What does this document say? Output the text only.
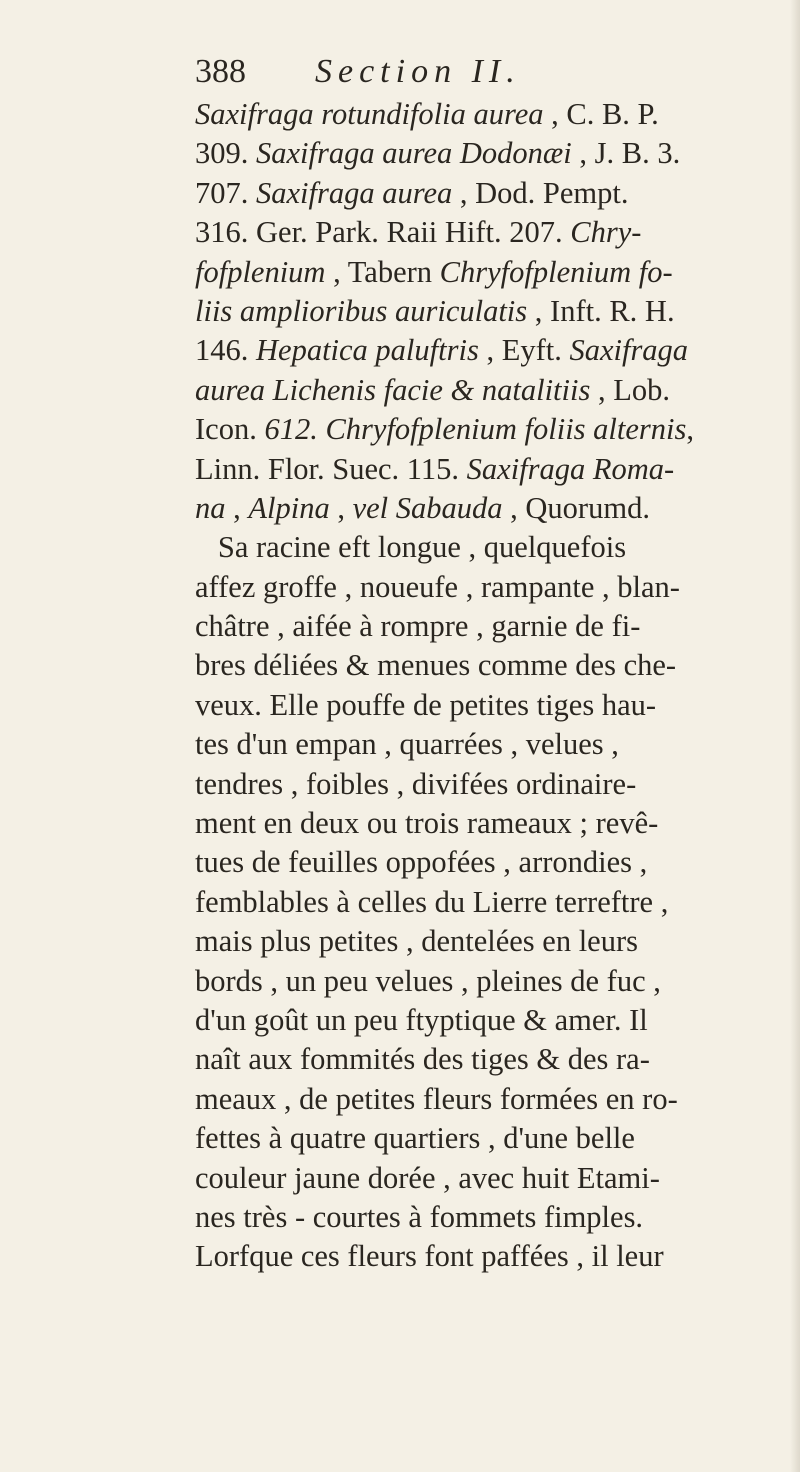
388 Section II.
Saxifraga rotundifolia aurea , C. B. P.
309. Saxifraga aurea Dodonæi , J. B. 3.
707. Saxifraga aurea , Dod. Pempt.
316. Ger. Park. Raii Hift. 207. Chry-
fofplenium , Tabern Chryfofplenium fo-
liis amplioribus auriculatis , Inft. R. H.
146. Hepatica paluftris , Eyft. Saxifraga
aurea Lichenis facie & natalitiis , Lob.
Icon. 612. Chryfofplenium foliis alternis,
Linn. Flor. Suec. 115. Saxifraga Roma-
na , Alpina , vel Sabauda , Quorumd.
Sa racine eft longue , quelquefois
affez groffe , noueufe , rampante , blan-
châtre , aifée à rompre , garnie de fi-
bres déliées & menues comme des che-
veux. Elle pouffe de petites tiges hau-
tes d'un empan , quarrées , velues ,
tendres , foibles , divifées ordinaire-
ment en deux ou trois rameaux ; revê-
tues de feuilles oppofées , arrondies ,
femblables à celles du Lierre terreftre ,
mais plus petites , dentelées en leurs
bords , un peu velues , pleines de fuc ,
d'un goût un peu ftyptique & amer. Il
naît aux fommités des tiges & des ra-
meaux , de petites fleurs formées en ro-
fettes à quatre quartiers , d'une belle
couleur jaune dorée , avec huit Etami-
nes très - courtes à fommets fimples.
Lorfque ces fleurs font paffées , il leur
